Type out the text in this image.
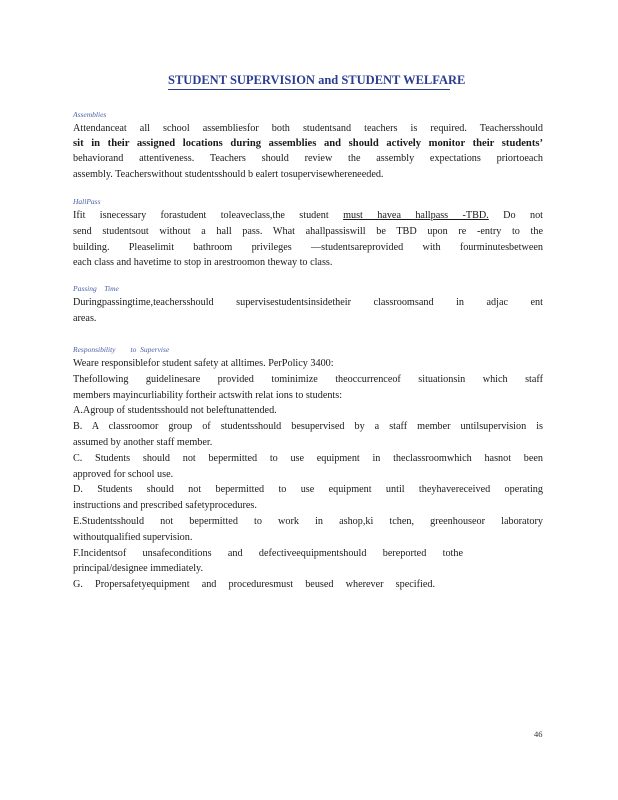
STUDENT SUPERVISION and STUDENT WELFARE
Assemblies
Attendanceat all school assembliesfor both studentsand teachers is required. Teachersshould
sit in their assigned locations during assemblies and should actively monitor their students’
behaviorand attentiveness. Teachers should review the assembly expectations priortoeach
assembly. Teacherswithout studentsshould b ealert tosupervisewhereneeded.
HallPass
Ifit isnecessary forastudent toleaveclass,the student must havea hallpass -TBD. Do not
send studentsout without a hall pass. What ahallpassiswill be TBD upon re -entry to the
building. Pleaselimit bathroom privileges —studentsareprovided with fourminutesbetween
each class and havetime to stop in arestroomon theway to class.
Passing    Time
Duringpassingtime,teachersshould supervisestudentsinsidetheir classroomsand in adjac ent
areas.
Responsibility        to  Supervise
Weare responsiblefor student safety at alltimes. PerPolicy 3400:
Thefollowing guidelinesare provided tominimize theoccurrenceof situationsin which staff
members mayincurliability fortheir actswith relat ions to students:
A.Agroup of studentsshould not beleftunattended.
B. A classroomor group of studentsshould besupervised by a staff member untilsupervision is
assumed by another staff member.
C. Students should not bepermitted to use equipment in theclassroomwhich hasnot been
approved for school use.
D. Students should not bepermitted to use equipment until theyhavereceived operating
instructions and prescribed safetyprocedures.
E.Studentsshould not bepermitted to work in ashop,ki tchen, greenhouseor laboratory
withoutqualified supervision.
F.Incidentsof unsafeconditions and defectiveequipmentshould bereported tothe
principal/designee immediately.
G. Propersafetyequipment and proceduresmust beused wherever specified.
46
